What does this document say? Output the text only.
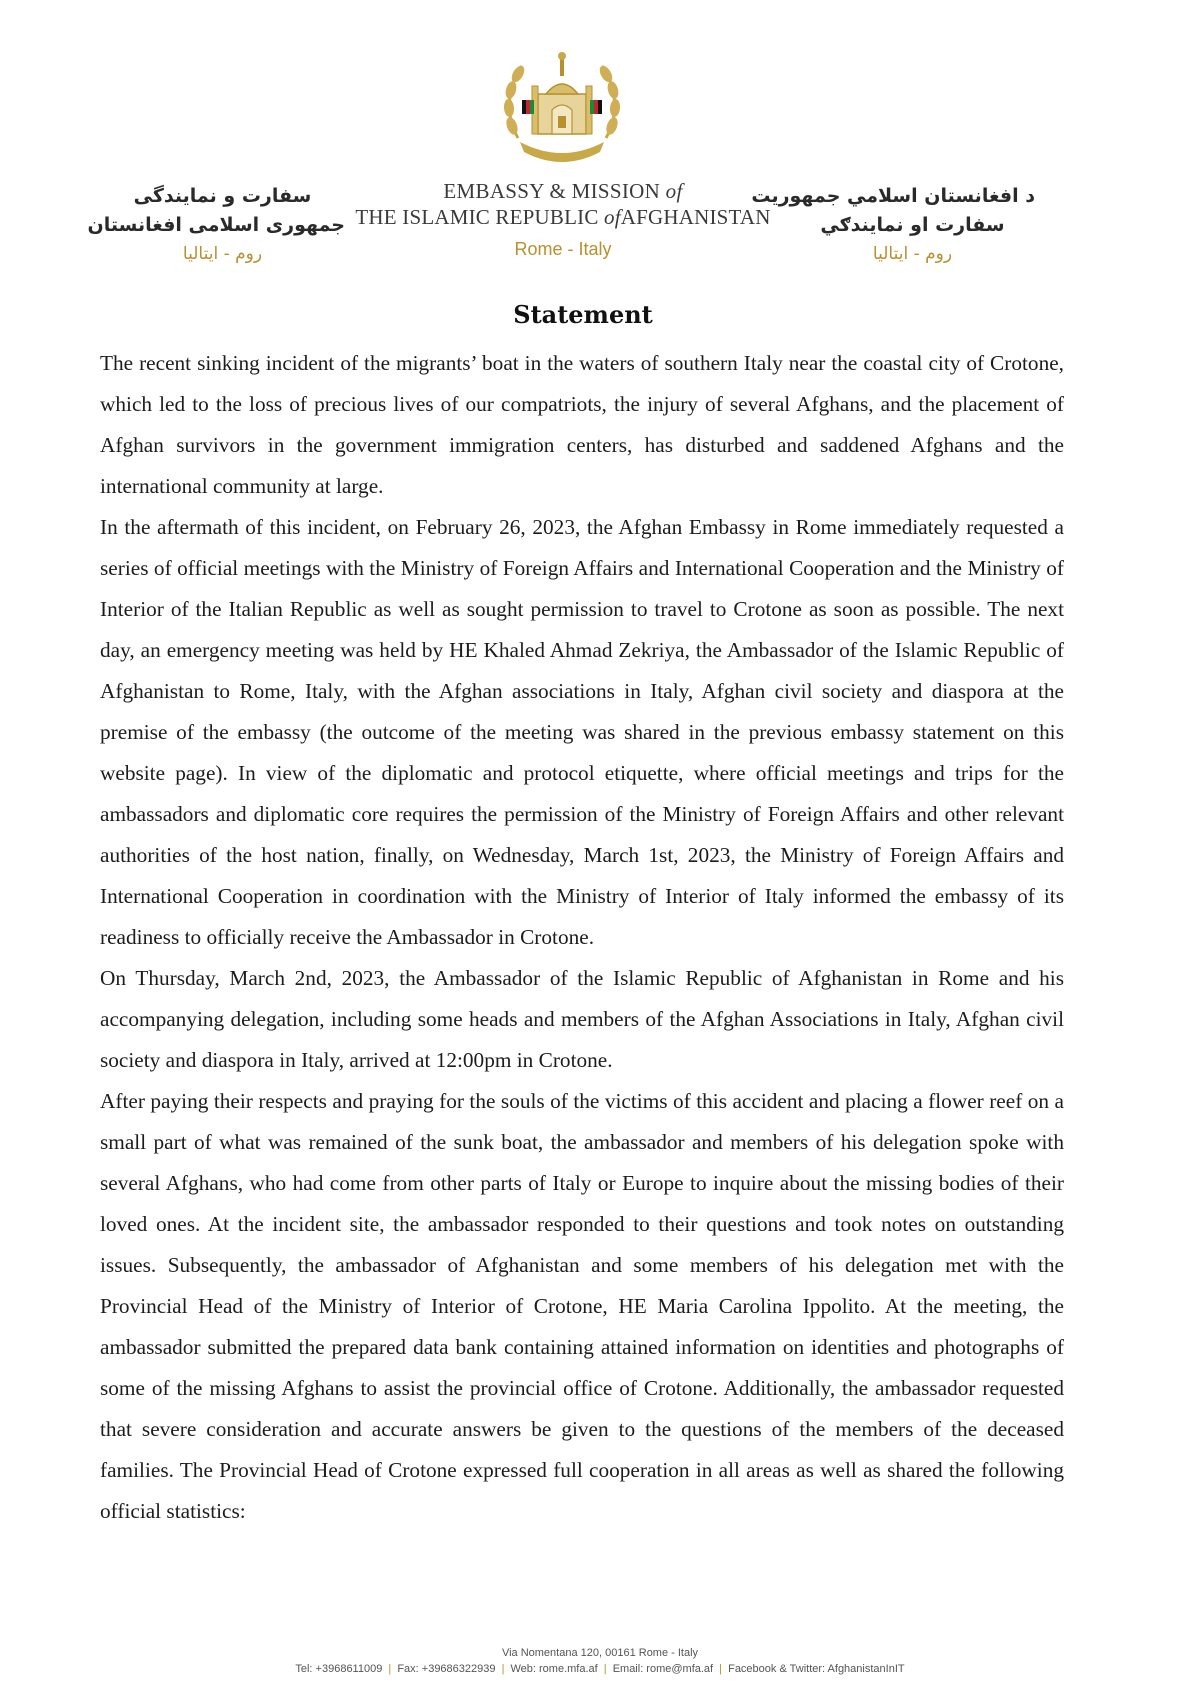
سفارت و نمایندگی
جمهوری اسلامی افغانستان
روم - ایتالیا
EMBASSY & MISSION of
THE ISLAMIC REPUBLIC ofAFGHANISTAN
Rome - Italy
د افغانستان اسلامي جمهوریت
سفارت او نمایندګي
روم - ایتالیا
Statement

The recent sinking incident of the migrants’ boat in the waters of southern Italy near the coastal city of Crotone, which led to the loss of precious lives of our compatriots, the injury of several Afghans, and the placement of Afghan survivors in the government immigration centers, has disturbed and saddened Afghans and the international community at large.

In the aftermath of this incident, on February 26, 2023, the Afghan Embassy in Rome immediately requested a series of official meetings with the Ministry of Foreign Affairs and International Cooperation and the Ministry of Interior of the Italian Republic as well as sought permission to travel to Crotone as soon as possible. The next day, an emergency meeting was held by HE Khaled Ahmad Zekriya, the Ambassador of the Islamic Republic of Afghanistan to Rome, Italy, with the Afghan associations in Italy, Afghan civil society and diaspora at the premise of the embassy (the outcome of the meeting was shared in the previous embassy statement on this website page). In view of the diplomatic and protocol etiquette, where official meetings and trips for the ambassadors and diplomatic core requires the permission of the Ministry of Foreign Affairs and other relevant authorities of the host nation, finally, on Wednesday, March 1st, 2023, the Ministry of Foreign Affairs and International Cooperation in coordination with the Ministry of Interior of Italy informed the embassy of its readiness to officially receive the Ambassador in Crotone.

On Thursday, March 2nd, 2023, the Ambassador of the Islamic Republic of Afghanistan in Rome and his accompanying delegation, including some heads and members of the Afghan Associations in Italy, Afghan civil society and diaspora in Italy, arrived at 12:00pm in Crotone.

After paying their respects and praying for the souls of the victims of this accident and placing a flower reef on a small part of what was remained of the sunk boat, the ambassador and members of his delegation spoke with several Afghans, who had come from other parts of Italy or Europe to inquire about the missing bodies of their loved ones. At the incident site, the ambassador responded to their questions and took notes on outstanding issues. Subsequently, the ambassador of Afghanistan and some members of his delegation met with the Provincial Head of the Ministry of Interior of Crotone, HE Maria Carolina Ippolito. At the meeting, the ambassador submitted the prepared data bank containing attained information on identities and photographs of some of the missing Afghans to assist the provincial office of Crotone. Additionally, the ambassador requested that severe consideration and accurate answers be given to the questions of the members of the deceased families. The Provincial Head of Crotone expressed full cooperation in all areas as well as shared the following official statistics:

Via Nomentana 120, 00161 Rome - Italy
Tel: +3968611009 | Fax: +39686322939 | Web: rome.mfa.af | Email: rome@mfa.af | Facebook & Twitter: AfghanistanInIT
